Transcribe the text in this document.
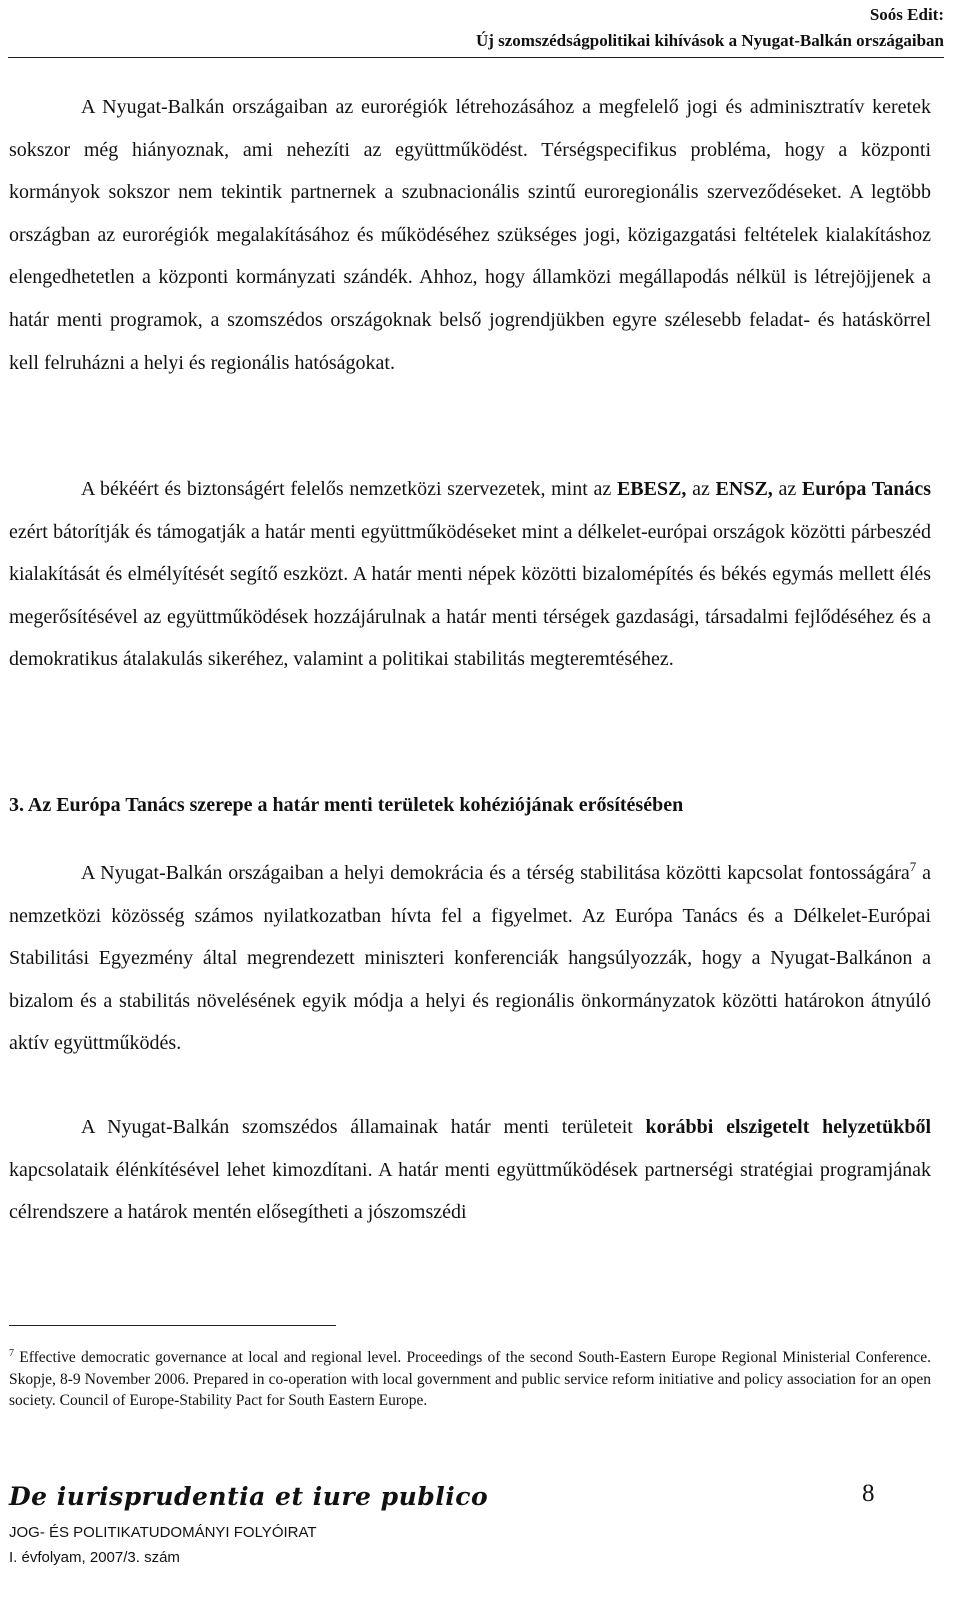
Soós Edit:
Új szomszédságpolitikai kihívások a Nyugat-Balkán országaiban

A Nyugat-Balkán országaiban az eurorégiók létrehozásához a megfelelő jogi és adminisztratív keretek sokszor még hiányoznak, ami nehezíti az együttműködést. Térségspecifikus probléma, hogy a központi kormányok sokszor nem tekintik partnernek a szubnacionális szintű euroregionális szerveződéseket. A legtöbb országban az eurorégiók megalakításához és működéséhez szükséges jogi, közigazgatási feltételek kialakításhoz elengedhetetlen a központi kormányzati szándék. Ahhoz, hogy államközi megállapodás nélkül is létrejöjjenek a határ menti programok, a szomszédos országoknak belső jogrendjükben egyre szélesebb feladat- és hatáskörrel kell felruházni a helyi és regionális hatóságokat.

A békéért és biztonságért felelős nemzetközi szervezetek, mint az EBESZ, az ENSZ, az Európa Tanács ezért bátorítják és támogatják a határ menti együttműködéseket mint a délkelet-európai országok közötti párbeszéd kialakítását és elmélyítését segítő eszközt. A határ menti népek közötti bizalomépítés és békés egymás mellett élés megerősítésével az együttműködések hozzájárulnak a határ menti térségek gazdasági, társadalmi fejlődéséhez és a demokratikus átalakulás sikeréhez, valamint a politikai stabilitás megteremtéséhez.

3. Az Európa Tanács szerepe a határ menti területek kohéziójának erősítésében

A Nyugat-Balkán országaiban a helyi demokrácia és a térség stabilitása közötti kapcsolat fontosságára$^7$ a nemzetközi közösség számos nyilatkozatban hívta fel a figyelmet. Az Európa Tanács és a Délkelet-Európai Stabilitási Egyezmény által megrendezett miniszteri konferenciák hangsúlyozzák, hogy a Nyugat-Balkánon a bizalom és a stabilitás növelésének egyik módja a helyi és regionális önkormányzatok közötti határokon átnyúló aktív együttműködés.

A Nyugat-Balkán szomszédos államainak határ menti területeit korábbi elszigetelt helyzetükből kapcsolataik élénkítésével lehet kimozdítani. A határ menti együttműködések partnerségi stratégiai programjának célrendszere a határok mentén elősegítheti a jószomszédi

$^7$ Effective democratic governance at local and regional level. Proceedings of the second South-Eastern Europe Regional Ministerial Conference. Skopje, 8-9 November 2006. Prepared in co-operation with local government and public service reform initiative and policy association for an open society. Council of Europe-Stability Pact for South Eastern Europe.
De iurisprudentia et iure publico	8
JOG- ÉS POLITIKATUDOMÁNYI FOLYÓIRAT
I. évfolyam, 2007/3. szám
